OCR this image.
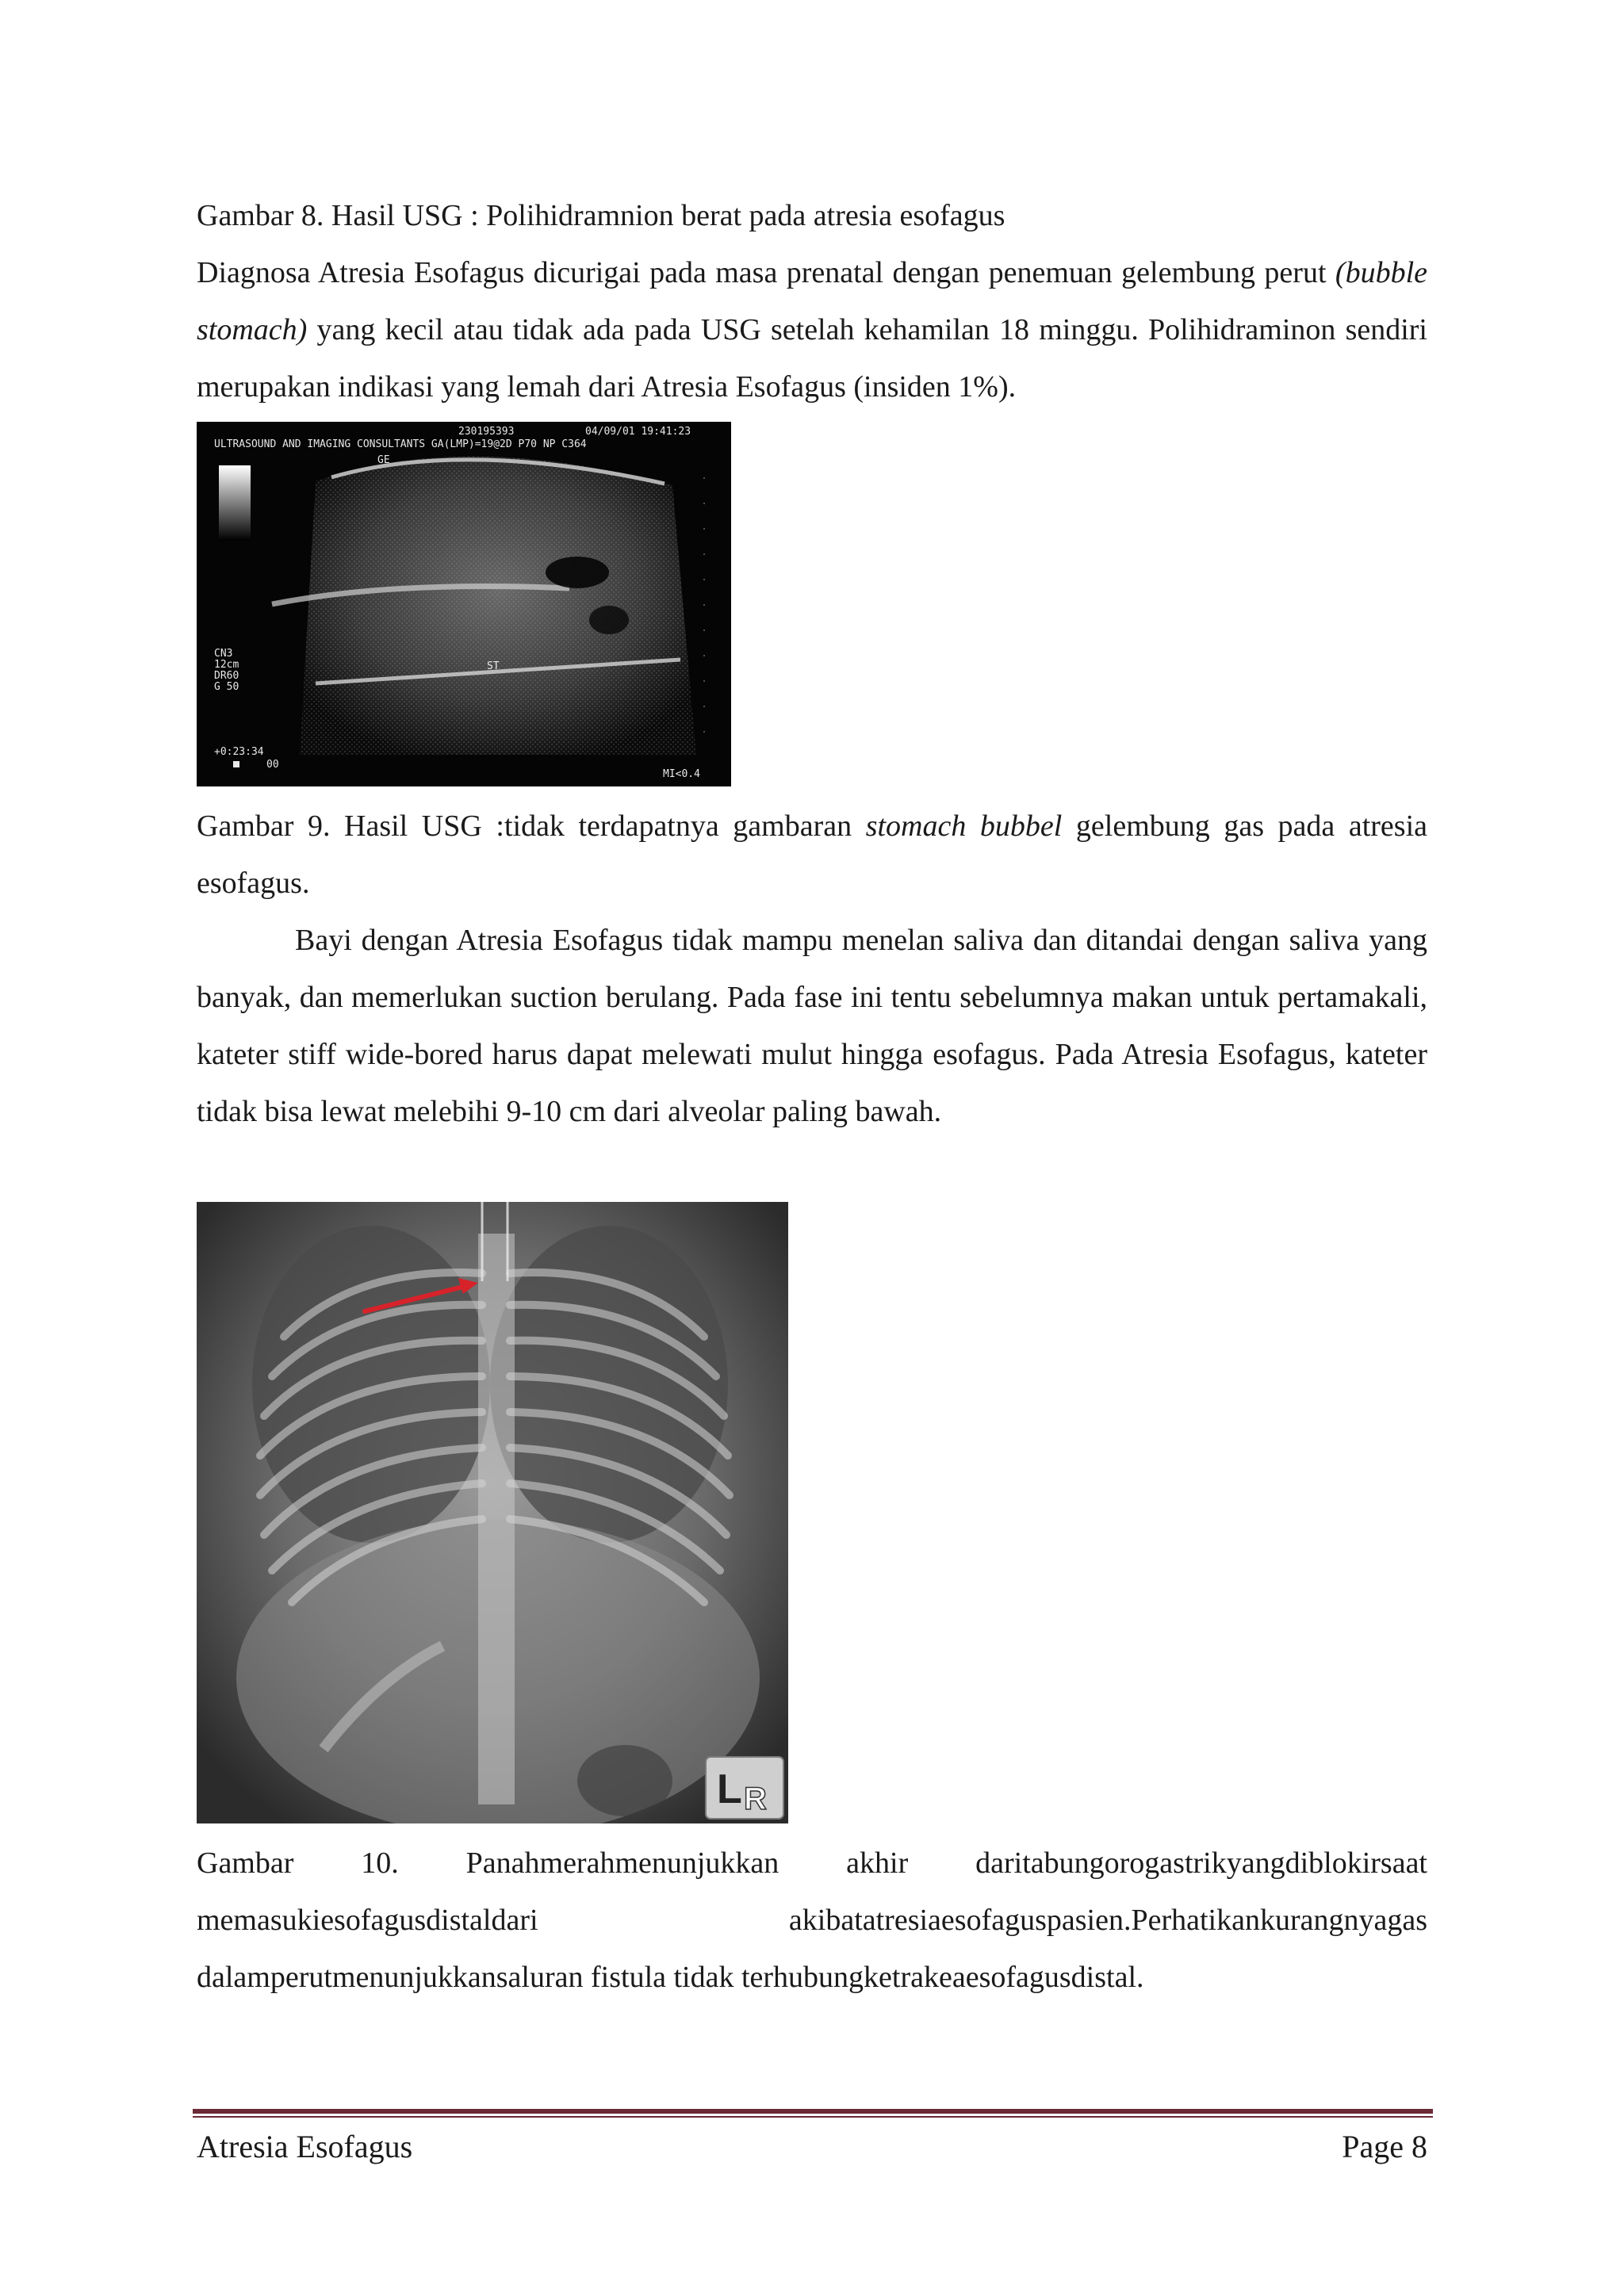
Gambar 8. Hasil USG : Polihidramnion berat pada atresia esofagus
Diagnosa Atresia Esofagus dicurigai pada masa prenatal dengan penemuan gelembung perut (bubble stomach) yang kecil atau tidak ada pada USG setelah kehamilan 18 minggu. Polihidraminon sendiri merupakan indikasi yang lemah dari Atresia Esofagus (insiden 1%).
230195393	04/09/01 19:41:23
ULTRASOUND AND IMAGING CONSULTANTS GA(LMP)=19@2D P70 NP C364
GE
CN3
12cm
DR60
G 50
ST
+0:23:34
00
MI<0.4
Gambar 9. Hasil USG :tidak terdapatnya gambaran stomach bubbel gelembung gas pada atresia esofagus.
Bayi dengan Atresia Esofagus tidak mampu menelan saliva dan ditandai dengan saliva yang banyak, dan memerlukan suction berulang. Pada fase ini tentu sebelumnya makan untuk pertamakali, kateter stiff wide-bored harus dapat melewati mulut hingga esofagus. Pada Atresia Esofagus, kateter tidak bisa lewat melebihi 9-10 cm dari alveolar paling bawah.
L R
Gambar 10. Panahmerahmenunjukkan akhir daritabungorogastrikyangdiblokirsaat memasukiesofagusdistaldari akibatatresiaesofaguspasien.Perhatikankurangnyagas dalamperutmenunjukkansaluran fistula tidak terhubungketrakeaesofagusdistal.
Atresia Esofagus	Page 8
